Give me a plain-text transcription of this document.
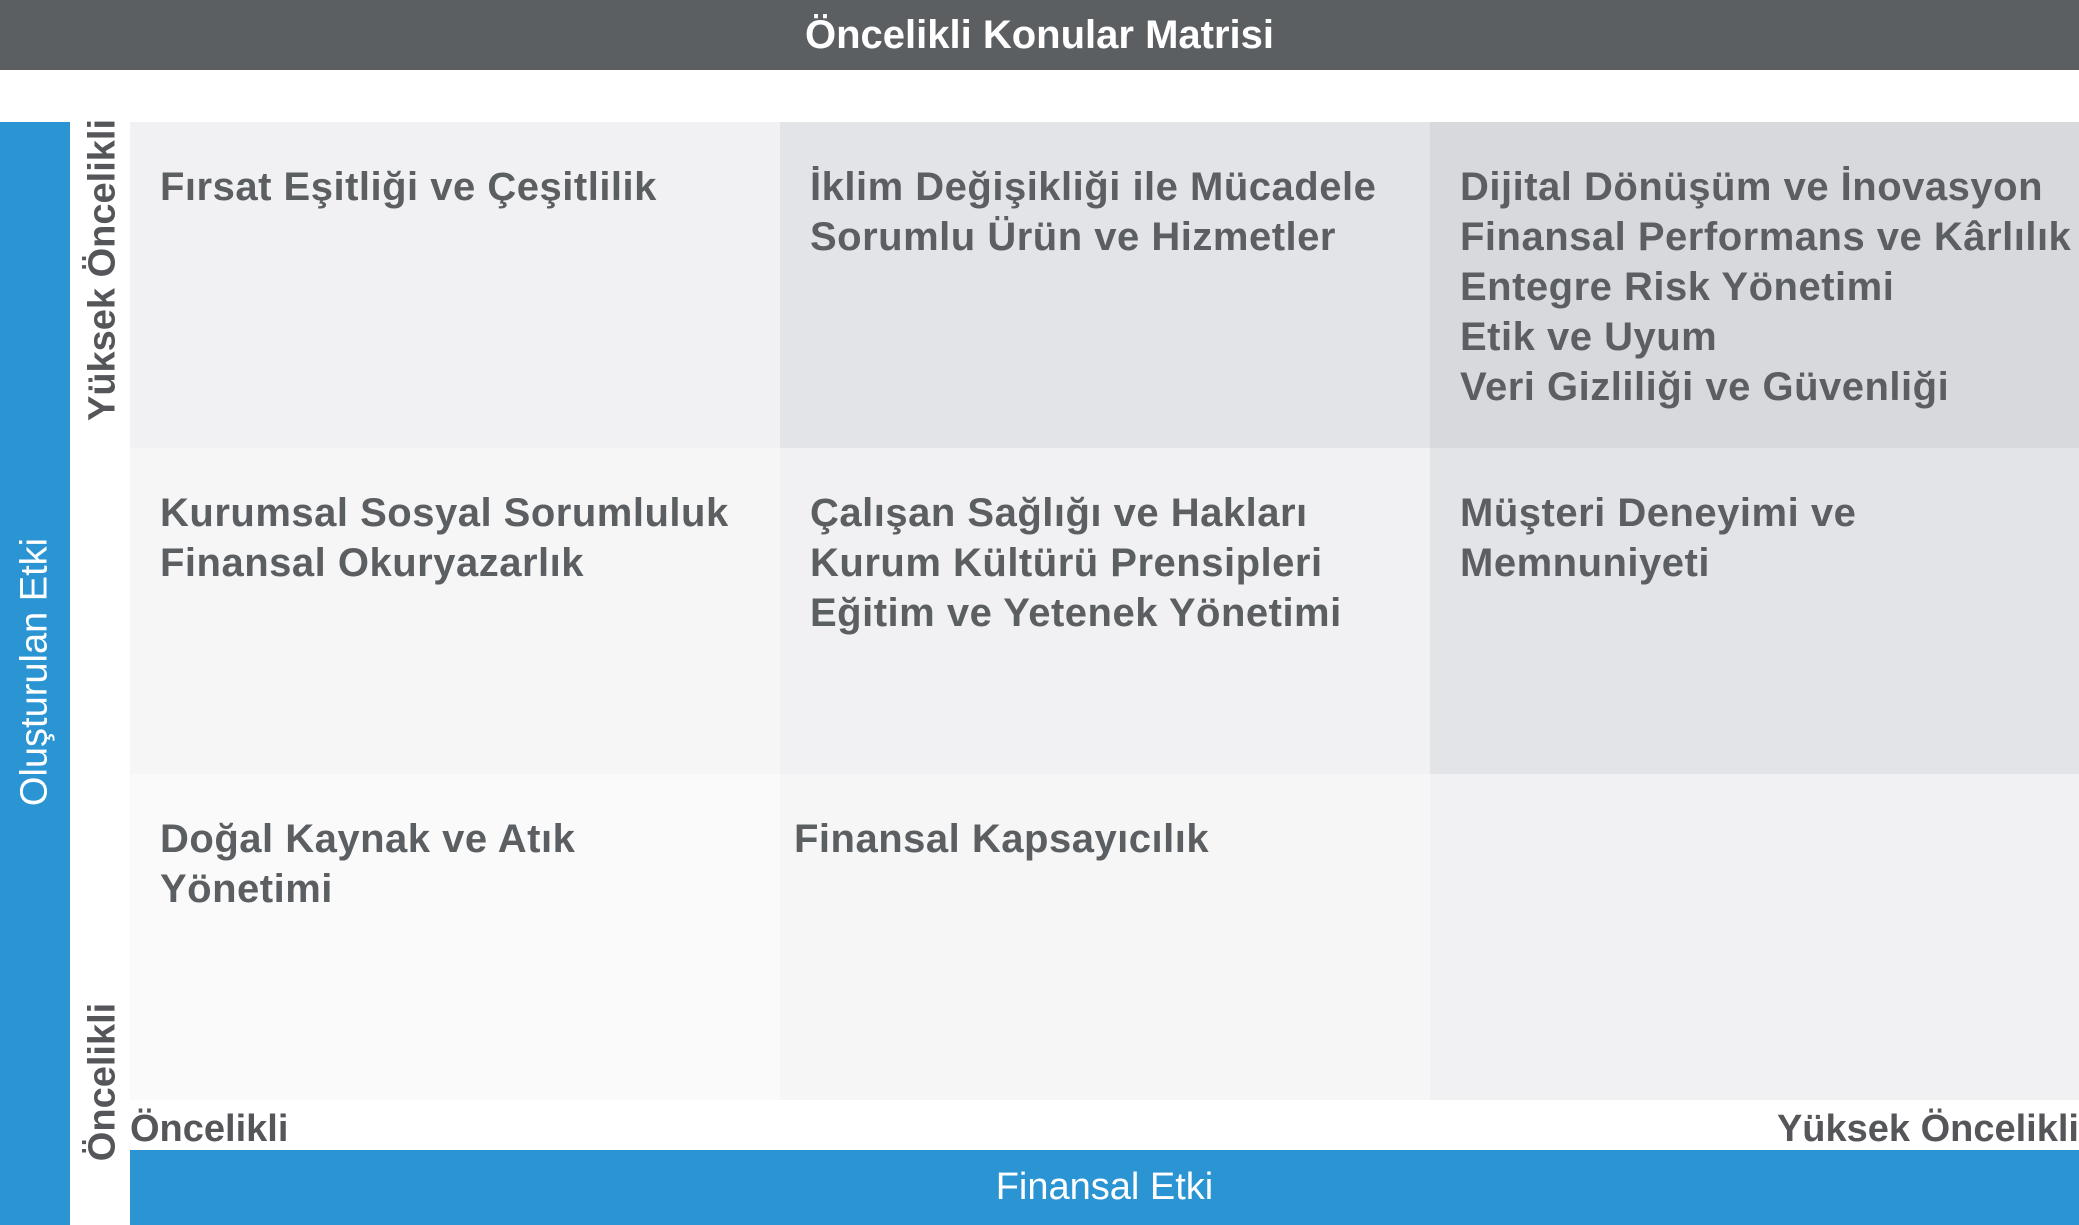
Öncelikli Konular Matrisi
Oluşturulan Etki
Yüksek Öncelikli
Öncelikli
Fırsat Eşitliği ve Çeşitlilik	İklim Değişikliği ile Mücadele
Sorumlu Ürün ve Hizmetler
Dijital Dönüşüm ve İnovasyon
Finansal Performans ve Kârlılık
Entegre Risk Yönetimi
Etik ve Uyum
Veri Gizliliği ve Güvenliği
Kurumsal Sosyal Sorumluluk
Finansal Okuryazarlık
Çalışan Sağlığı ve Hakları
Kurum Kültürü Prensipleri
Eğitim ve Yetenek Yönetimi
Müşteri Deneyimi ve
Memnuniyeti
Doğal Kaynak ve Atık
Yönetimi
Finansal Kapsayıcılık
Öncelikli	Yüksek Öncelikli
Finansal Etki
